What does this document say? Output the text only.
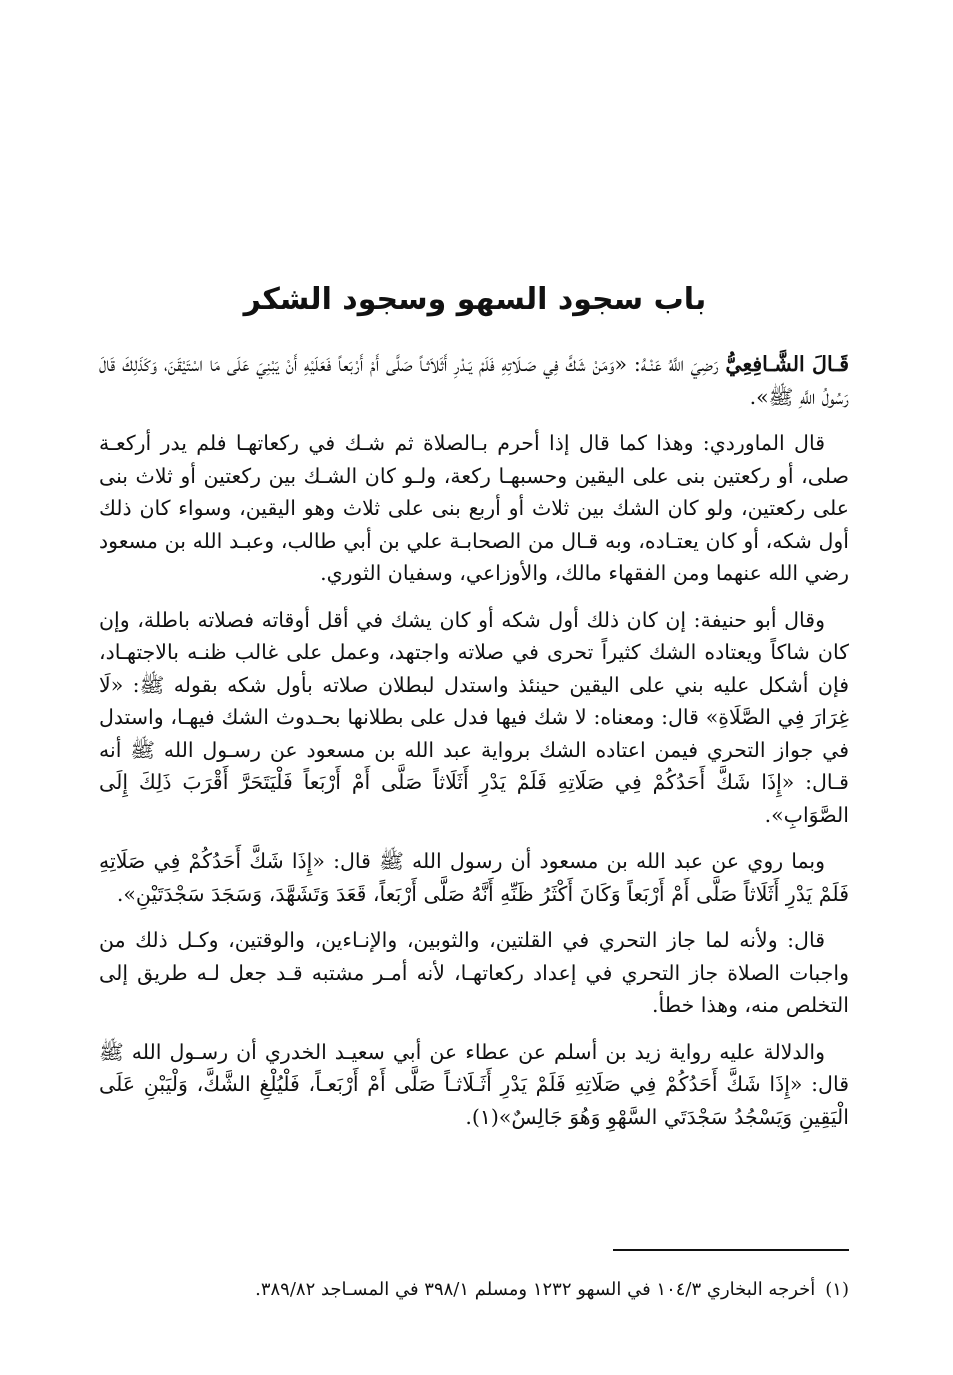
باب سجود السهو وسجود الشكر

قَـالَ الشَّـافِعِيُّ رَضِيَ اللَّهُ عَنْـهُ: «وَمَنْ شَكَّ فِي صَـلَاتِهِ فَلَمْ يَـدْرِ أَثَلاَثـاً صَلَّى أَمْ أَرْبَعاً فَعَلَيْهِ أَنْ يَبْنِيَ عَلَى مَا اسْتَيْقَنَ، وَكَذَلِكَ قَالَ رَسُولُ اللَّهِ ﷺ».

قال الماوردي: وهذا كما قال إذا أحرم بـالصلاة ثم شـك في ركعاتهـا فلم يدر أركعـة صلى، أو ركعتين بنى على اليقين وحسبهـا ركعة، ولـو كان الشـك بين ركعتين أو ثلاث بنى على ركعتين، ولو كان الشك بين ثلاث أو أربع بنى على ثلاث وهو اليقين، وسواء كان ذلك أول شكه، أو كان يعتـاده، وبه قـال من الصحابـة علي بن أبي طالب، وعبـد الله بن مسعود رضي الله عنهما ومن الفقهاء مالك، والأوزاعي، وسفيان الثوري.

وقال أبو حنيفة: إن كان ذلك أول شكه أو كان يشك في أقل أوقاته فصلاته باطلة، وإن كان شاكاً ويعتاده الشك كثيراً تحرى في صلاته واجتهد، وعمل على غالب ظنـه بالاجتهـاد، فإن أشكل عليه بني على اليقين حينئذ واستدل لبطلان صلاته بأول شكه بقوله ﷺ: «لَا غِرَارَ فِي الصَّلَاةِ» قال: ومعناه: لا شك فيها فدل على بطلانها بحـدوث الشك فيهـا، واستدل في جواز التحري فيمن اعتاده الشك برواية عبد الله بن مسعود عن رسـول الله ﷺ أنه قـال: «إِذَا شَكَّ أَحَدُكُمْ فِي صَلَاتِهِ فَلَمْ يَدْرِ أَثَلَاثاً صَلَّى أَمْ أَرْبَعاً فَلْيَتَحَرَّ أَقْرَبَ ذَلِكَ إِلَى الصَّوَابِ».

وبما روي عن عبد الله بن مسعود أن رسول الله ﷺ قال: «إِذَا شَكَّ أَحَدُكُمْ فِي صَلَاتِهِ فَلَمْ يَدْرِ أَثَلَاثاً صَلَّى أَمْ أَرْبَعاً وَكَانَ أَكْثَرُ ظَنِّهِ أَنَّهُ صَلَّى أَرْبَعاً، قَعَدَ وَتَشَهَّدَ، وَسَجَدَ سَجْدَتَيْنِ».

قال: ولأنه لما جاز التحري في القلتين، والثوبين، والإنـاءين، والوقتين، وكـل ذلك من واجبات الصلاة جاز التحري في إعداد ركعاتهـا، لأنه أمـر مشتبه قـد جعل لـه طريق إلى التخلص منه، وهذا خطأ.

والدلالة عليه رواية زيد بن أسلم عن عطاء عن أبي سعيـد الخدري أن رسـول الله ﷺ قال: «إِذَا شَكَّ أَحَدُكُمْ فِي صَلَاتِهِ فَلَمْ يَدْرِ أَثَـلَاثـاً صَلَّى أَمْ أَرْبَعـاً، فَلْيُلْغِ الشَّكَّ، وَلْيَبْنِ عَلَى الْيَقِينِ وَيَسْجُدُ سَجْدَتَي السَّهْوِ وَهُوَ جَالِسٌ»(١).

(١)أخرجه البخاري ١٠٤/٣ في السهو ١٢٣٢ ومسلم ٣٩٨/١ في المسـاجد ٣٨٩/٨٢.
